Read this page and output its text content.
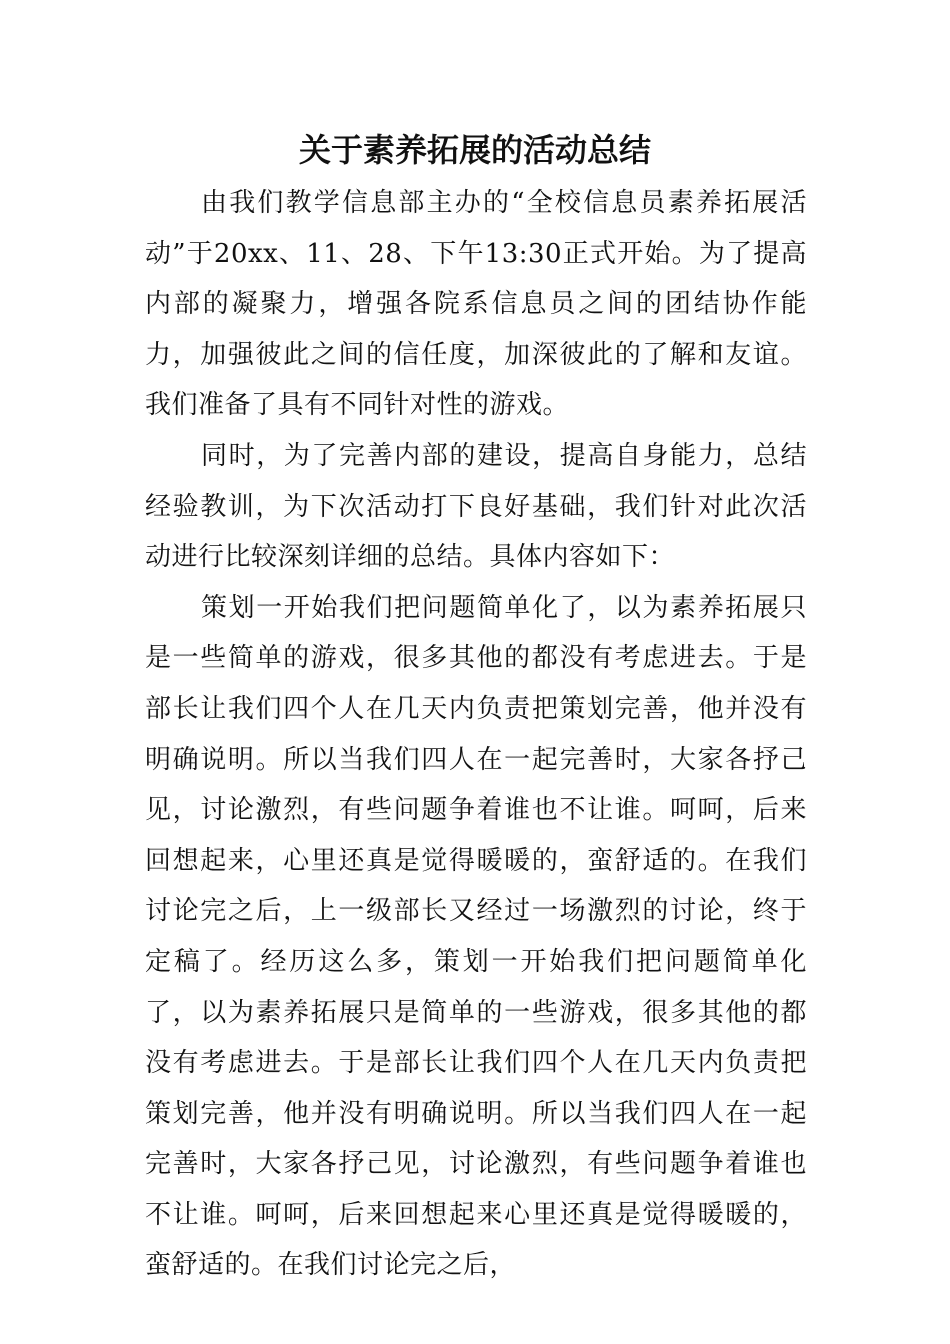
关于素养拓展的活动总结

由我们教学信息部主办的“全校信息员素养拓展活动”于20xx、11、28、下午13:30正式开始。为了提高内部的凝聚力，增强各院系信息员之间的团结协作能力，加强彼此之间的信任度，加深彼此的了解和友谊。我们准备了具有不同针对性的游戏。

同时，为了完善内部的建设，提高自身能力，总结经验教训，为下次活动打下良好基础，我们针对此次活动进行比较深刻详细的总结。具体内容如下：

策划一开始我们把问题简单化了，以为素养拓展只是一些简单的游戏，很多其他的都没有考虑进去。于是部长让我们四个人在几天内负责把策划完善，他并没有明确说明。所以当我们四人在一起完善时，大家各抒己见，讨论激烈，有些问题争着谁也不让谁。呵呵，后来回想起来，心里还真是觉得暖暖的，蛮舒适的。在我们讨论完之后，上一级部长又经过一场激烈的讨论，终于定稿了。经历这么多，策划一开始我们把问题简单化了，以为素养拓展只是简单的一些游戏，很多其他的都没有考虑进去。于是部长让我们四个人在几天内负责把策划完善，他并没有明确说明。所以当我们四人在一起完善时，大家各抒己见，讨论激烈，有些问题争着谁也不让谁。呵呵，后来回想起来心里还真是觉得暖暖的，蛮舒适的。在我们讨论完之后，
